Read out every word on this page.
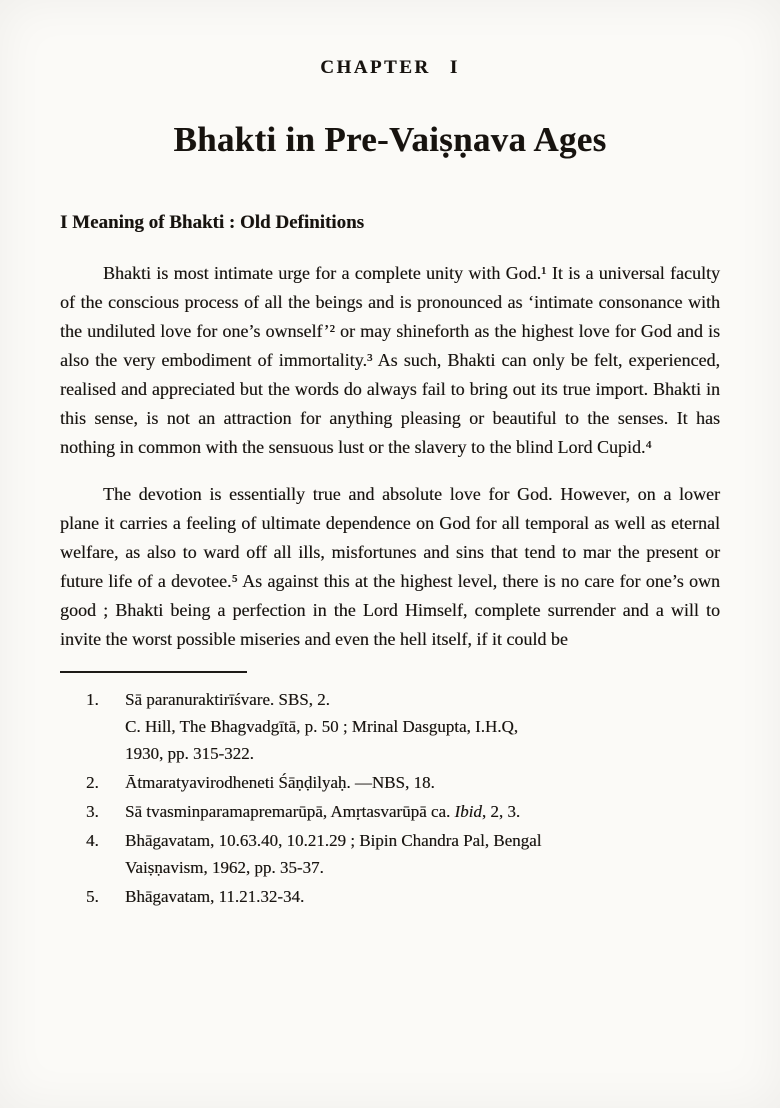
CHAPTER I
Bhakti in Pre-Vaiṣṇava Ages
I Meaning of Bhakti : Old Definitions

Bhakti is most intimate urge for a complete unity with God.¹ It is a universal faculty of the conscious process of all the beings and is pronounced as ‘intimate consonance with the undiluted love for one’s ownself’² or may shineforth as the highest love for God and is also the very embodiment of immortality.³ As such, Bhakti can only be felt, experienced, realised and appreciated but the words do always fail to bring out its true import. Bhakti in this sense, is not an attraction for anything pleasing or beautiful to the senses. It has nothing in common with the sensuous lust or the slavery to the blind Lord Cupid.⁴

The devotion is essentially true and absolute love for God. However, on a lower plane it carries a feeling of ultimate dependence on God for all temporal as well as eternal welfare, as also to ward off all ills, misfortunes and sins that tend to mar the present or future life of a devotee.⁵ As against this at the highest level, there is no care for one’s own good ; Bhakti being a perfection in the Lord Himself, complete surrender and a will to invite the worst possible miseries and even the hell itself, if it could be

1.	Sā paranuraktirīśvare. SBS, 2.
C. Hill, The Bhagvadgītā, p. 50 ; Mrinal Dasgupta, I.H.Q,
1930, pp. 315-322.
2.	Ātmaratyavirodheneti Śāṇḍilyaḥ. —NBS, 18.
3.	Sā tvasminparamapremarūpā, Amṛtasvarūpā ca. Ibid, 2, 3.
4.	Bhāgavatam, 10.63.40, 10.21.29 ; Bipin Chandra Pal, Bengal
Vaiṣṇavism, 1962, pp. 35-37.
5.	Bhāgavatam, 11.21.32-34.
